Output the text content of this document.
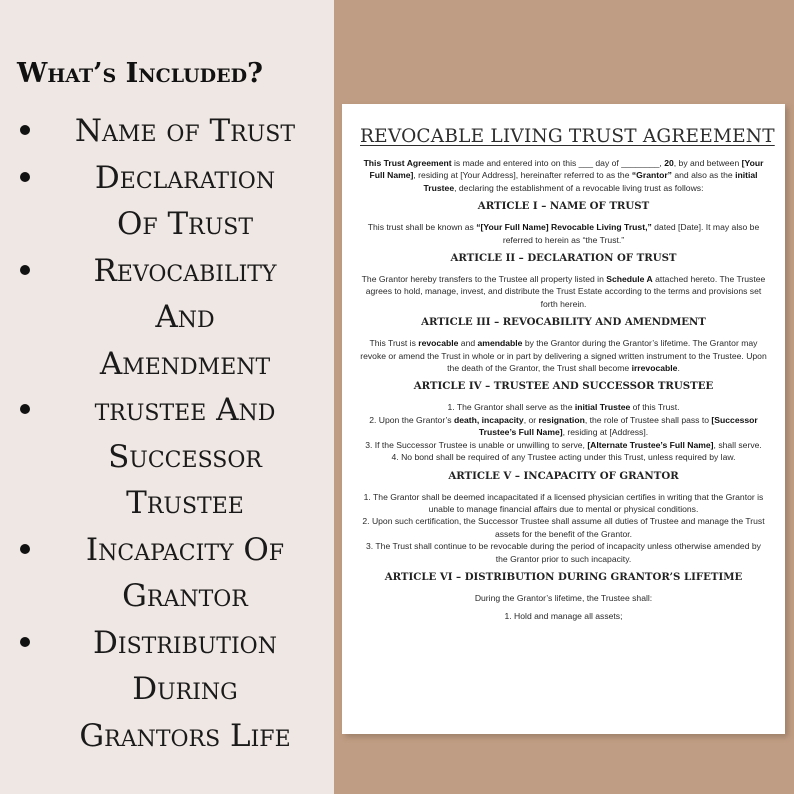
What’s Included?
Name of Trust
Declaration
Of Trust
Revocability
And
Amendment
trustee And
Successor
Trustee
Incapacity Of
Grantor
Distribution
During
Grantors Life
REVOCABLE LIVING TRUST AGREEMENT

This Trust Agreement is made and entered into on this ___ day of ________, 20, by and between [Your Full Name], residing at [Your Address], hereinafter referred to as the “Grantor” and also as the initial Trustee, declaring the establishment of a revocable living trust as follows:

ARTICLE I – NAME OF TRUST

This trust shall be known as “[Your Full Name] Revocable Living Trust,” dated [Date]. It may also be referred to herein as “the Trust.”

ARTICLE II – DECLARATION OF TRUST

The Grantor hereby transfers to the Trustee all property listed in Schedule A attached hereto. The Trustee agrees to hold, manage, invest, and distribute the Trust Estate according to the terms and provisions set forth herein.

ARTICLE III – REVOCABILITY AND AMENDMENT

This Trust is revocable and amendable by the Grantor during the Grantor’s lifetime. The Grantor may revoke or amend the Trust in whole or in part by delivering a signed written instrument to the Trustee. Upon the death of the Grantor, the Trust shall become irrevocable.

ARTICLE IV – TRUSTEE AND SUCCESSOR TRUSTEE
1. The Grantor shall serve as the initial Trustee of this Trust.
2. Upon the Grantor’s death, incapacity, or resignation, the role of Trustee shall pass to [Successor Trustee’s Full Name], residing at [Address].
3. If the Successor Trustee is unable or unwilling to serve, [Alternate Trustee’s Full Name], shall serve.
4. No bond shall be required of any Trustee acting under this Trust, unless required by law.
ARTICLE V – INCAPACITY OF GRANTOR
1. The Grantor shall be deemed incapacitated if a licensed physician certifies in writing that the Grantor is unable to manage financial affairs due to mental or physical conditions.
2. Upon such certification, the Successor Trustee shall assume all duties of Trustee and manage the Trust assets for the benefit of the Grantor.
3. The Trust shall continue to be revocable during the period of incapacity unless otherwise amended by the Grantor prior to such incapacity.
ARTICLE VI – DISTRIBUTION DURING GRANTOR’S LIFETIME

During the Grantor’s lifetime, the Trustee shall:

1. Hold and manage all assets;
